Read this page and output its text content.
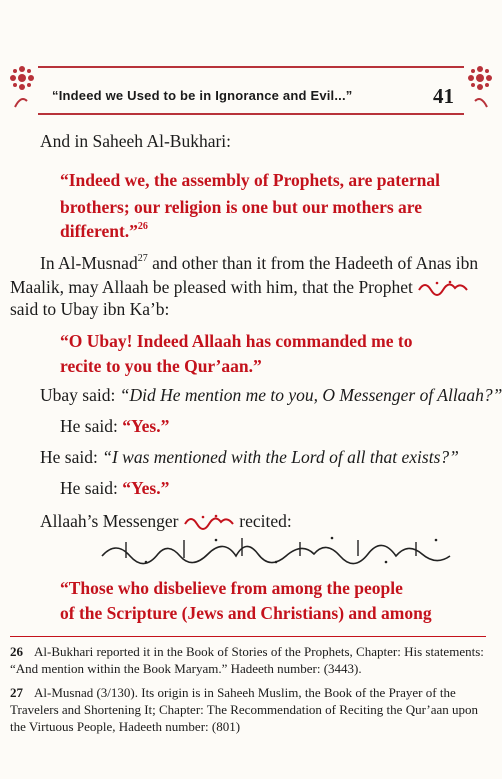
“Indeed we Used to be in Ignorance and Evil...”	41
And in Saheeh Al-Bukhari:
“Indeed we, the assembly of Prophets, are paternal
brothers; our religion is one but our mothers are
different.”$^{26}$
In Al-Musnad$^{27}$ and other than it from the Hadeeth of Anas ibn
Maalik, may Allaah be pleased with him, that the Prophet
said to Ubay ibn Ka’b:
“O Ubay! Indeed Allaah has commanded me to
recite to you the Qur’aan.”
Ubay said: “Did He mention me to you, O Messenger of Allaah?”
He said: “Yes.”
He said: “I was mentioned with the Lord of all that exists?”
He said: “Yes.”
Allaah’s Messenger	recited:
“Those who disbelieve from among the people
of the Scripture (Jews and Christians) and among
26 Al-Bukhari reported it in the Book of Stories of the Prophets, Chapter: His statements: “And mention within the Book Maryam.” Hadeeth number: (3443).

27 Al-Musnad (3/130). Its origin is in Saheeh Muslim, the Book of the Prayer of the Travelers and Shortening It; Chapter: The Recommendation of Reciting the Qur’aan upon the Virtuous People, Hadeeth number: (801)
